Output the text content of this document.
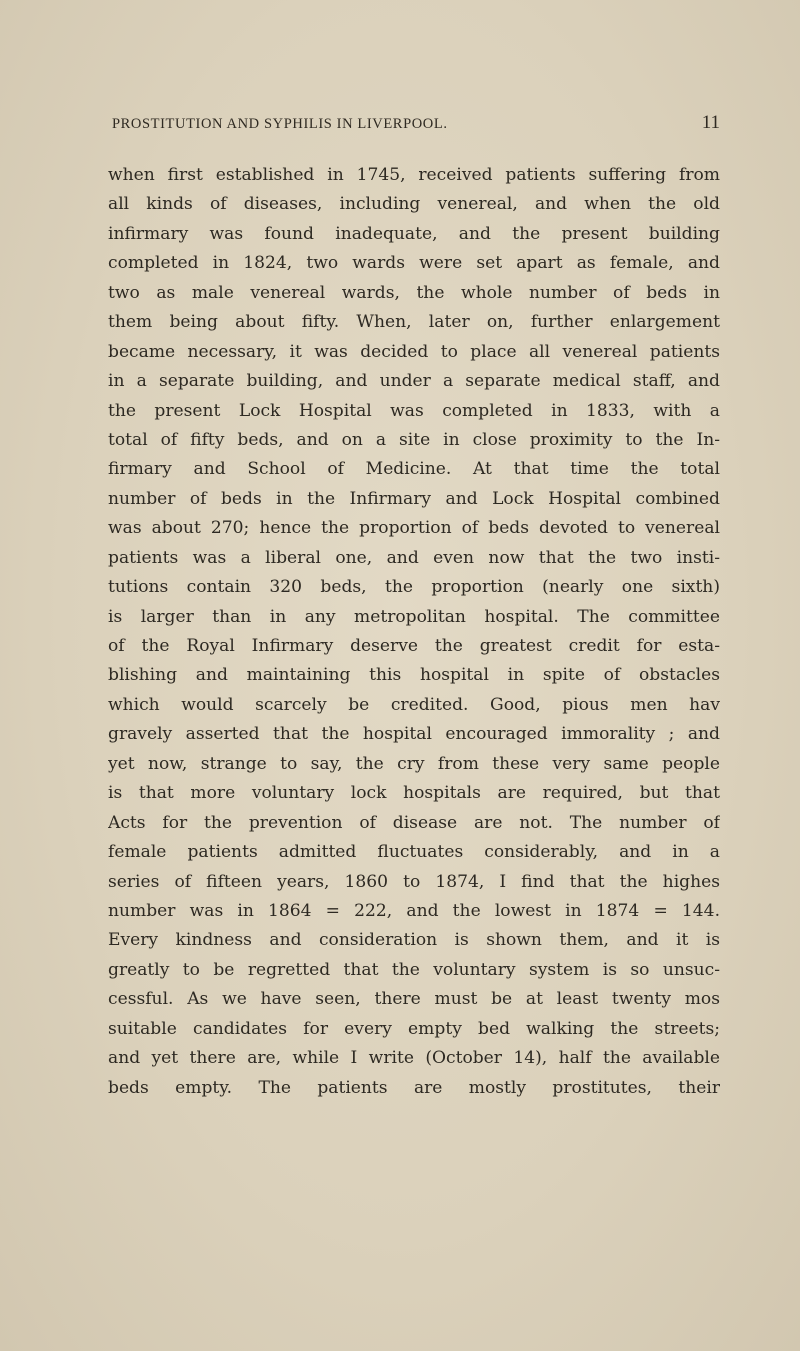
PROSTITUTION AND SYPHILIS IN LIVERPOOL.	11
when first established in 1745, received patients suffering from
all kinds of diseases, including venereal, and when the old
infirmary was found inadequate, and the present building
completed in 1824, two wards were set apart as female, and
two as male venereal wards, the whole number of beds in
them being about fifty. When, later on, further enlargement
became necessary, it was decided to place all venereal patients
in a separate building, and under a separate medical staff, and
the present Lock Hospital was completed in 1833, with a
total of fifty beds, and on a site in close proximity to the In-
firmary and School of Medicine. At that time the total
number of beds in the Infirmary and Lock Hospital combined
was about 270; hence the proportion of beds devoted to venereal
patients was a liberal one, and even now that the two insti-
tutions contain 320 beds, the proportion (nearly one sixth)
is larger than in any metropolitan hospital. The committee
of the Royal Infirmary deserve the greatest credit for esta-
blishing and maintaining this hospital in spite of obstacles
which would scarcely be credited. Good, pious men hav
gravely asserted that the hospital encouraged immorality ; and
yet now, strange to say, the cry from these very same people
is that more voluntary lock hospitals are required, but that
Acts for the prevention of disease are not. The number of
female patients admitted fluctuates considerably, and in a
series of fifteen years, 1860 to 1874, I find that the highes
number was in 1864 = 222, and the lowest in 1874 = 144.
Every kindness and consideration is shown them, and it is
greatly to be regretted that the voluntary system is so unsuc-
cessful. As we have seen, there must be at least twenty mos
suitable candidates for every empty bed walking the streets;
and yet there are, while I write (October 14), half the available
beds empty. The patients are mostly prostitutes, their
